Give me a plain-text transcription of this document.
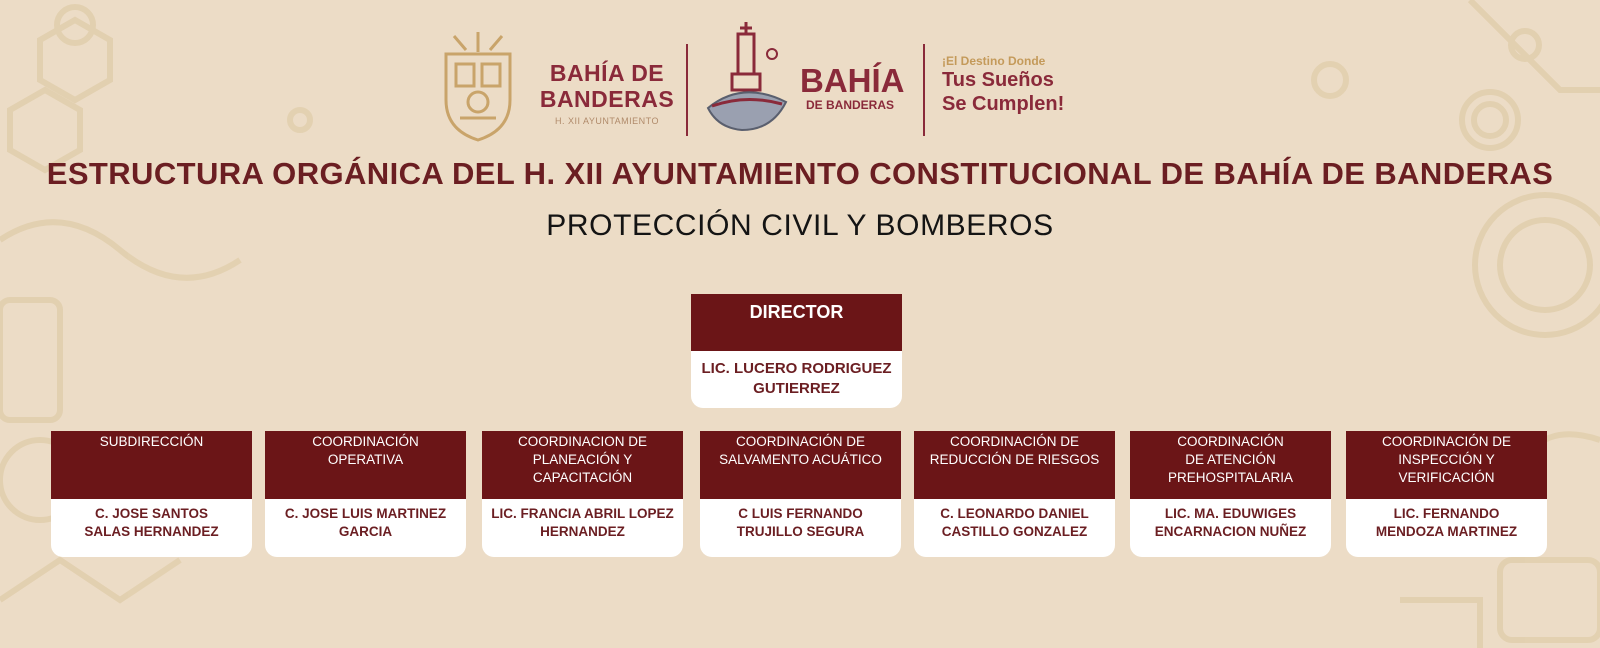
BAHÍA DE
BANDERAS
H. XII AYUNTAMIENTO
BAHÍA
DE BANDERAS
¡El Destino Donde
Tus Sueños
Se Cumplen!
ESTRUCTURA ORGÁNICA DEL H. XII AYUNTAMIENTO CONSTITUCIONAL DE BAHÍA DE BANDERAS
PROTECCIÓN CIVIL Y BOMBEROS
DIRECTOR
LIC. LUCERO RODRIGUEZ
GUTIERREZ
SUBDIRECCIÓN
C. JOSE SANTOS
SALAS HERNANDEZ
COORDINACIÓN
OPERATIVA
C. JOSE LUIS MARTINEZ
GARCIA
COORDINACION DE
PLANEACIÓN Y
CAPACITACIÓN
LIC. FRANCIA ABRIL LOPEZ
HERNANDEZ
COORDINACIÓN DE
SALVAMENTO ACUÁTICO
C LUIS FERNANDO
TRUJILLO SEGURA
COORDINACIÓN DE
REDUCCIÓN DE RIESGOS
C. LEONARDO DANIEL
CASTILLO GONZALEZ
COORDINACIÓN
DE ATENCIÓN
PREHOSPITALARIA
LIC. MA. EDUWIGES
ENCARNACION NUÑEZ
COORDINACIÓN DE
INSPECCIÓN Y
VERIFICACIÓN
LIC. FERNANDO
MENDOZA MARTINEZ
